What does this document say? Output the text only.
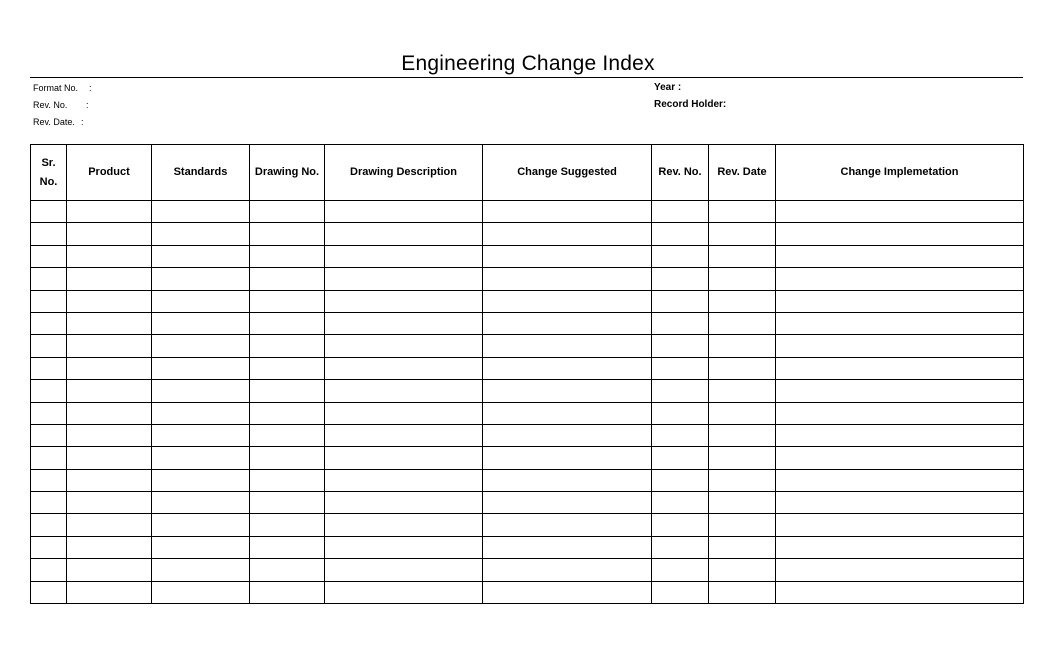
Engineering Change Index
Format No. :
Rev. No. :
Rev. Date. :
Year :
Record Holder:
Sr.
No.	Product	Standards	Drawing No.	Drawing Description	Change Suggested	Rev. No.	Rev. Date	Change Implemetation
